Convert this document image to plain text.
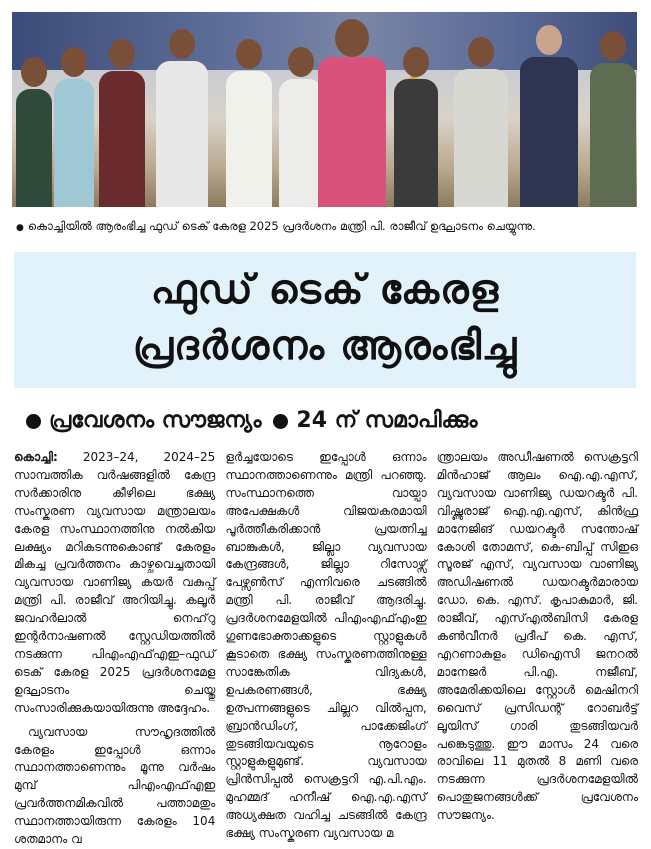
● കൊച്ചിയിൽ ആരംഭിച്ച ഫുഡ് ടെക് കേരള 2025 പ്രദർശനം മന്ത്രി പി. രാജീവ് ഉദ്ഘാടനം ചെയ്യുന്നു.
ഫുഡ് ടെക് കേരള
പ്രദർശനം ആരംഭിച്ചു
പ്രവേശനം സൗജന്യം 24 ന് സമാപിക്കും

കൊച്ചി: 2023–24, 2024–25 സാമ്പത്തിക വർഷങ്ങളിൽ കേന്ദ്ര സർക്കാരിനു കീഴിലെ ഭക്ഷ്യ സംസ്കരണ വ്യവസായ മന്ത്രാലയം കേരള സംസ്ഥാനത്തിനു നൽകിയ ലക്ഷ്യം മറികടന്നുകൊണ്ട് കേരളം മികച്ച പ്രവർത്തനം കാഴ്ചവെച്ചതായി വ്യവസായ വാണിജ്യ കയർ വകുപ്പ് മന്ത്രി പി. രാജീവ് അറിയിച്ചു. കലൂർ ജവഹർലാൽ നെഹ്‌റു ഇന്റർനാഷണൽ സ്റ്റേഡിയത്തിൽ നടക്കുന്ന പിഎംഎഫ്എഇ–ഫുഡ് ടെക് കേരള 2025 പ്രദർശനമേള ഉദ്ഘാടനം ചെയ്തു സംസാരിക്കുകയായിരുന്നു അദ്ദേഹം.

വ്യവസായ സൗഹൃദത്തിൽ കേരളം ഇപ്പോൾ ഒന്നാം സ്ഥാനത്താണെന്നും മൂന്നു വർഷം മുമ്പ് പിഎംഎഫ്എഇ പ്രവർത്തനമികവിൽ പത്താമതും സ്ഥാനത്തായിരുന്ന കേരളം 104 ശതമാനം വ

ളർച്ചയോടെ ഇപ്പോൾ ഒന്നാം സ്ഥാനത്താണെന്നും മന്ത്രി പറഞ്ഞു. സംസ്ഥാനത്തെ വായ്പാ അപേക്ഷകൾ വിജയകരമായി പൂർത്തീകരിക്കാൻ പ്രയത്നിച്ച ബാങ്കുകൾ, ജില്ലാ വ്യവസായ കേന്ദ്രങ്ങൾ, ജില്ലാ റിസോഴ്സ് പേഴ്സൺസ് എന്നിവരെ ചടങ്ങിൽ മന്ത്രി പി. രാജീവ് ആദരിച്ചു. പ്രദർശനമേളയിൽ പിഎംഎഫ്എംഇ ഗുണഭോക്താക്കളുടെ സ്റ്റാളുകൾ കൂടാതെ ഭക്ഷ്യ സംസ്കരണത്തിനുള്ള സാങ്കേതിക വിദ്യകൾ, ഉപകരണങ്ങൾ, ഭക്ഷ്യ ഉത്പന്നങ്ങളുടെ ചില്ലറ വിൽപ്പന, ബ്രാൻഡിംഗ്, പാക്കേജിംഗ് തുടങ്ങിയവയുടെ നൂറോളം സ്റ്റാളുകളുമുണ്ട്. വ്യവസായ പ്രിൻസിപ്പൽ സെക്രട്ടറി എ.പി.എം. മുഹമ്മദ് ഹനീഷ് ഐ.എ.എസ് അധ്യക്ഷത വഹിച്ച ചടങ്ങിൽ കേന്ദ്ര ഭക്ഷ്യ സംസ്കരണ വ്യവസായ മ

ന്ത്രാലയം അഡീഷണൽ സെക്രട്ടറി മിൻഹാജ് ആലം ഐ.എ.എസ്, വ്യവസായ വാണിജ്യ ഡയറക്ടർ പി. വിഷ്ണുരാജ് ഐ.എ.എസ്, കിൻഫ്ര മാനേജിങ് ഡയറക്ടർ സന്തോഷ് കോശി തോമസ്, കെ-ബിപ്പ് സിഇഒ സൂരജ് എസ്, വ്യവസായ വാണിജ്യ അഡിഷണൽ ഡയറക്ടർമാരായ ഡോ. കെ. എസ്. കൃപാകുമാർ, ജി. രാജീവ്, എസ്എൽബിസി കേരള കൺവീനർ പ്രദീപ് കെ. എസ്, എറണാകുളം ഡിഐസി ജനറൽ മാനേജർ പി.എ. നജീബ്, അമേരിക്കയിലെ സ്റ്റോൾ മെഷിനറി വൈസ് പ്രസിഡന്റ് റോബർട്ട് ലൂയിസ് ഗാരി തുടങ്ങിയവർ പങ്കെടുത്തു. ഈ മാസം 24 വരെ രാവിലെ 11 മുതൽ 8 മണി വരെ നടക്കുന്ന പ്രദർശനമേളയിൽ പൊതുജനങ്ങൾക്ക് പ്രവേശനം സൗജന്യം.
